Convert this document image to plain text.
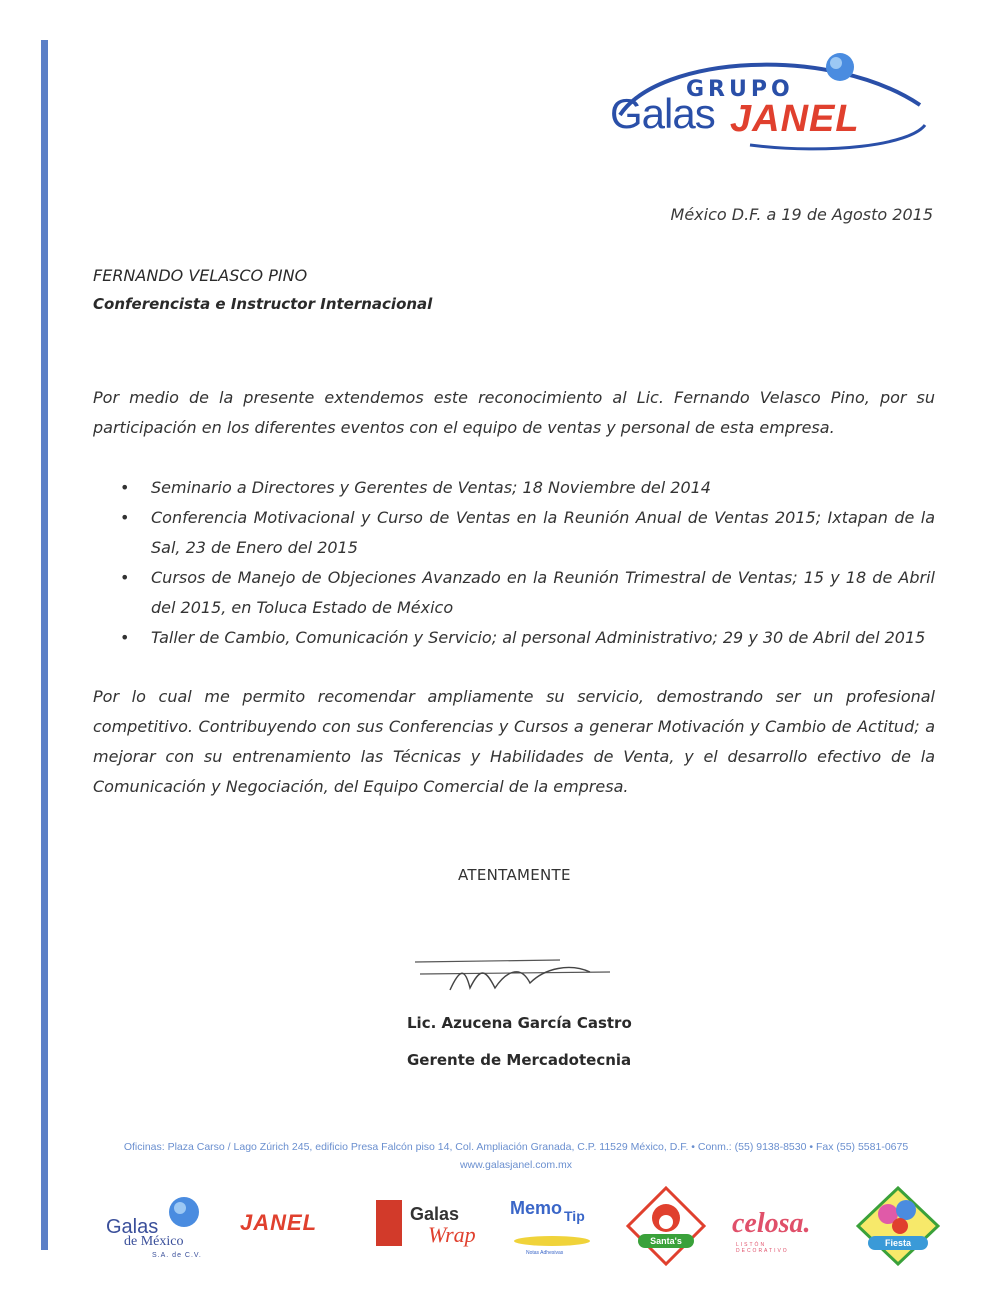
GRUPO
Galas JANEL
México D.F. a 19 de Agosto 2015
FERNANDO VELASCO PINO
Conferencista e Instructor Internacional
Por medio de la presente extendemos este reconocimiento al Lic. Fernando Velasco Pino, por su participación en los diferentes eventos con el equipo de ventas y personal de esta empresa.
• Seminario a Directores y Gerentes de Ventas; 18 Noviembre del 2014
• Conferencia Motivacional y Curso de Ventas en la Reunión Anual de Ventas 2015; Ixtapan de la Sal, 23 de Enero del 2015
• Cursos de Manejo de Objeciones Avanzado en la Reunión Trimestral de Ventas; 15 y 18 de Abril del 2015, en Toluca Estado de México
• Taller de Cambio, Comunicación y Servicio; al personal Administrativo; 29 y 30 de Abril del 2015
Por lo cual me permito recomendar ampliamente su servicio, demostrando ser un profesional competitivo. Contribuyendo con sus Conferencias y Cursos a generar Motivación y Cambio de Actitud; a mejorar con su entrenamiento las Técnicas y Habilidades de Venta, y el desarrollo efectivo de la Comunicación y Negociación, del Equipo Comercial de la empresa.
ATENTAMENTE
Lic. Azucena García Castro
Gerente de Mercadotecnia
Oficinas: Plaza Carso / Lago Zúrich 245, edificio Presa Falcón piso 14, Col. Ampliación Granada, C.P. 11529 México, D.F. • Conm.: (55) 9138-8530 • Fax (55) 5581-0675
www.galasjanel.com.mx
Galas
de México
S.A. de C.V.
JANEL	Galas
Wrap
Memo Tip
Notas Adhesivas
Santa's
celosa.
LISTÓN DECORATIVO
Fiesta
